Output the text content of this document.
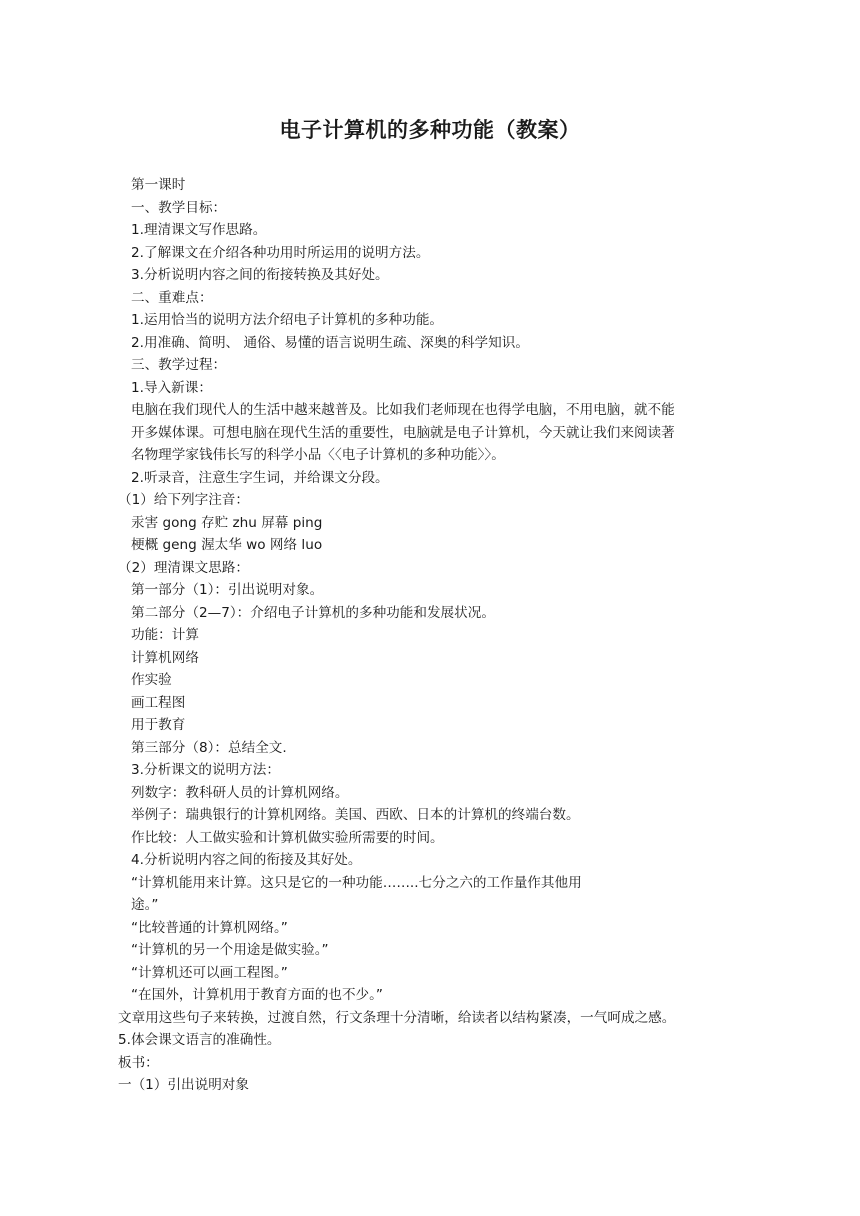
电子计算机的多种功能（教案）
第一课时
一、教学目标：
1.理清课文写作思路。
2.了解课文在介绍各种功用时所运用的说明方法。
3.分析说明内容之间的衔接转换及其好处。
二、重难点：
1.运用恰当的说明方法介绍电子计算机的多种功能。
2.用准确、简明、 通俗、易懂的语言说明生疏、深奥的科学知识。
三、教学过程：
1.导入新课：
电脑在我们现代人的生活中越来越普及。比如我们老师现在也得学电脑，不用电脑，就不能
开多媒体课。可想电脑在现代生活的重要性，电脑就是电子计算机，今天就让我们来阅读著
名物理学家钱伟长写的科学小品〈〈电子计算机的多种功能〉〉。
2.听录音，注意生字生词，并给课文分段。
（1）给下列字注音：
汞害 gong 存贮 zhu 屏幕 ping
梗概 geng 渥太华 wo 网络 luo
（2）理清课文思路：
第一部分（1）：引出说明对象。
第二部分（2—7）：介绍电子计算机的多种功能和发展状况。
功能：计算
计算机网络
作实验
画工程图
用于教育
第三部分（8）：总结全文.
3.分析课文的说明方法：
列数字：教科研人员的计算机网络。
举例子：瑞典银行的计算机网络。美国、西欧、日本的计算机的终端台数。
作比较：人工做实验和计算机做实验所需要的时间。
4.分析说明内容之间的衔接及其好处。
“计算机能用来计算。这只是它的一种功能……..七分之六的工作量作其他用
途。”
“比较普通的计算机网络。”
“计算机的另一个用途是做实验。”
“计算机还可以画工程图。”
“在国外，计算机用于教育方面的也不少。”
文章用这些句子来转换，过渡自然，行文条理十分清晰，给读者以结构紧凑，一气呵成之感。
5.体会课文语言的准确性。
板书：
一（1）引出说明对象
